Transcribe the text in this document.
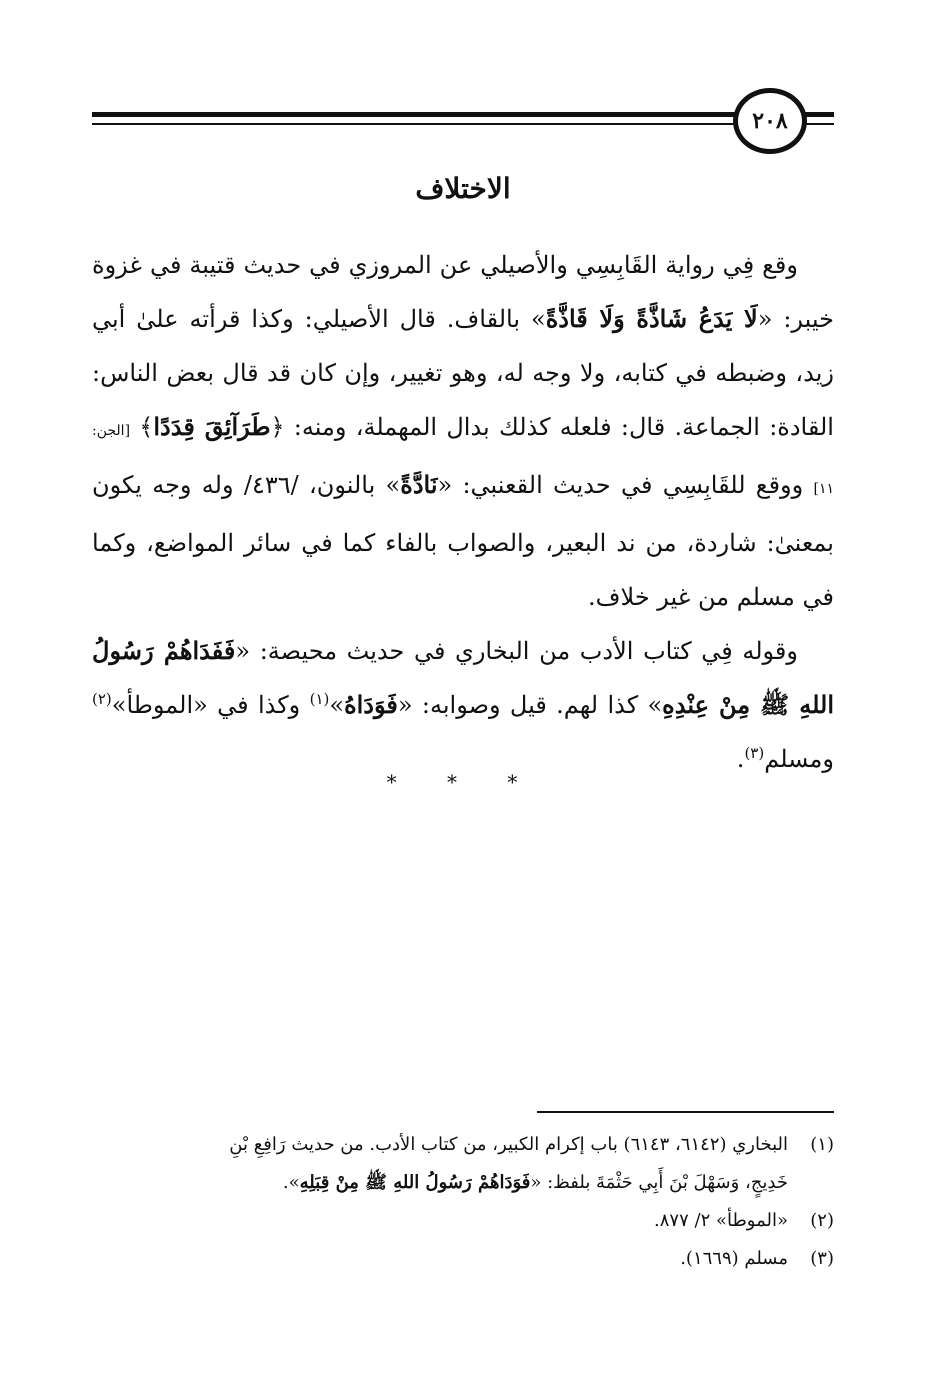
٢٠٨
الاختلاف

وقع فِي رواية القَابِسِي والأصيلي عن المروزي في حديث قتيبة في غزوة خيبر: «لَا يَدَعُ شَاذَّةً وَلَا قَاذَّةً» بالقاف. قال الأصيلي: وكذا قرأته علىٰ أبي زيد، وضبطه في كتابه، ولا وجه له، وهو تغيير، وإن كان قد قال بعض الناس: القادة: الجماعة. قال: فلعله كذلك بدال المهملة، ومنه: ﴿طَرَآئِقَ قِدَدًا﴾ [الجن: ١١] ووقع للقَابِسِي في حديث القعنبي: «نَادَّةً» بالنون، /٤٣٦/ وله وجه يكون بمعنىٰ: شاردة، من ند البعير، والصواب بالفاء كما في سائر المواضع، وكما في مسلم من غير خلاف.

وقوله فِي كتاب الأدب من البخاري في حديث محيصة: «فَفَدَاهُمْ رَسُولُ اللهِ ﷺ مِنْ عِنْدِهِ» كذا لهم. قيل وصوابه: «فَوَدَاهُ»$^{(١)}$ وكذا في «الموطأ»$^{(٢)}$ ومسلم$^{(٣)}$.

* * *

(١)البخاري (٦١٤٢، ٦١٤٣) باب إكرام الكبير، من كتاب الأدب. من حديث رَافِعِ بْنِ

خَدِيجٍ، وَسَهْلَ بْنَ أَبِي حَثْمَةَ بلفظ: «فَوَدَاهُمْ رَسُولُ اللهِ ﷺ مِنْ قِبَلِهِ».

(٢)«الموطأ» ٢/ ٨٧٧.

(٣)مسلم (١٦٦٩).
